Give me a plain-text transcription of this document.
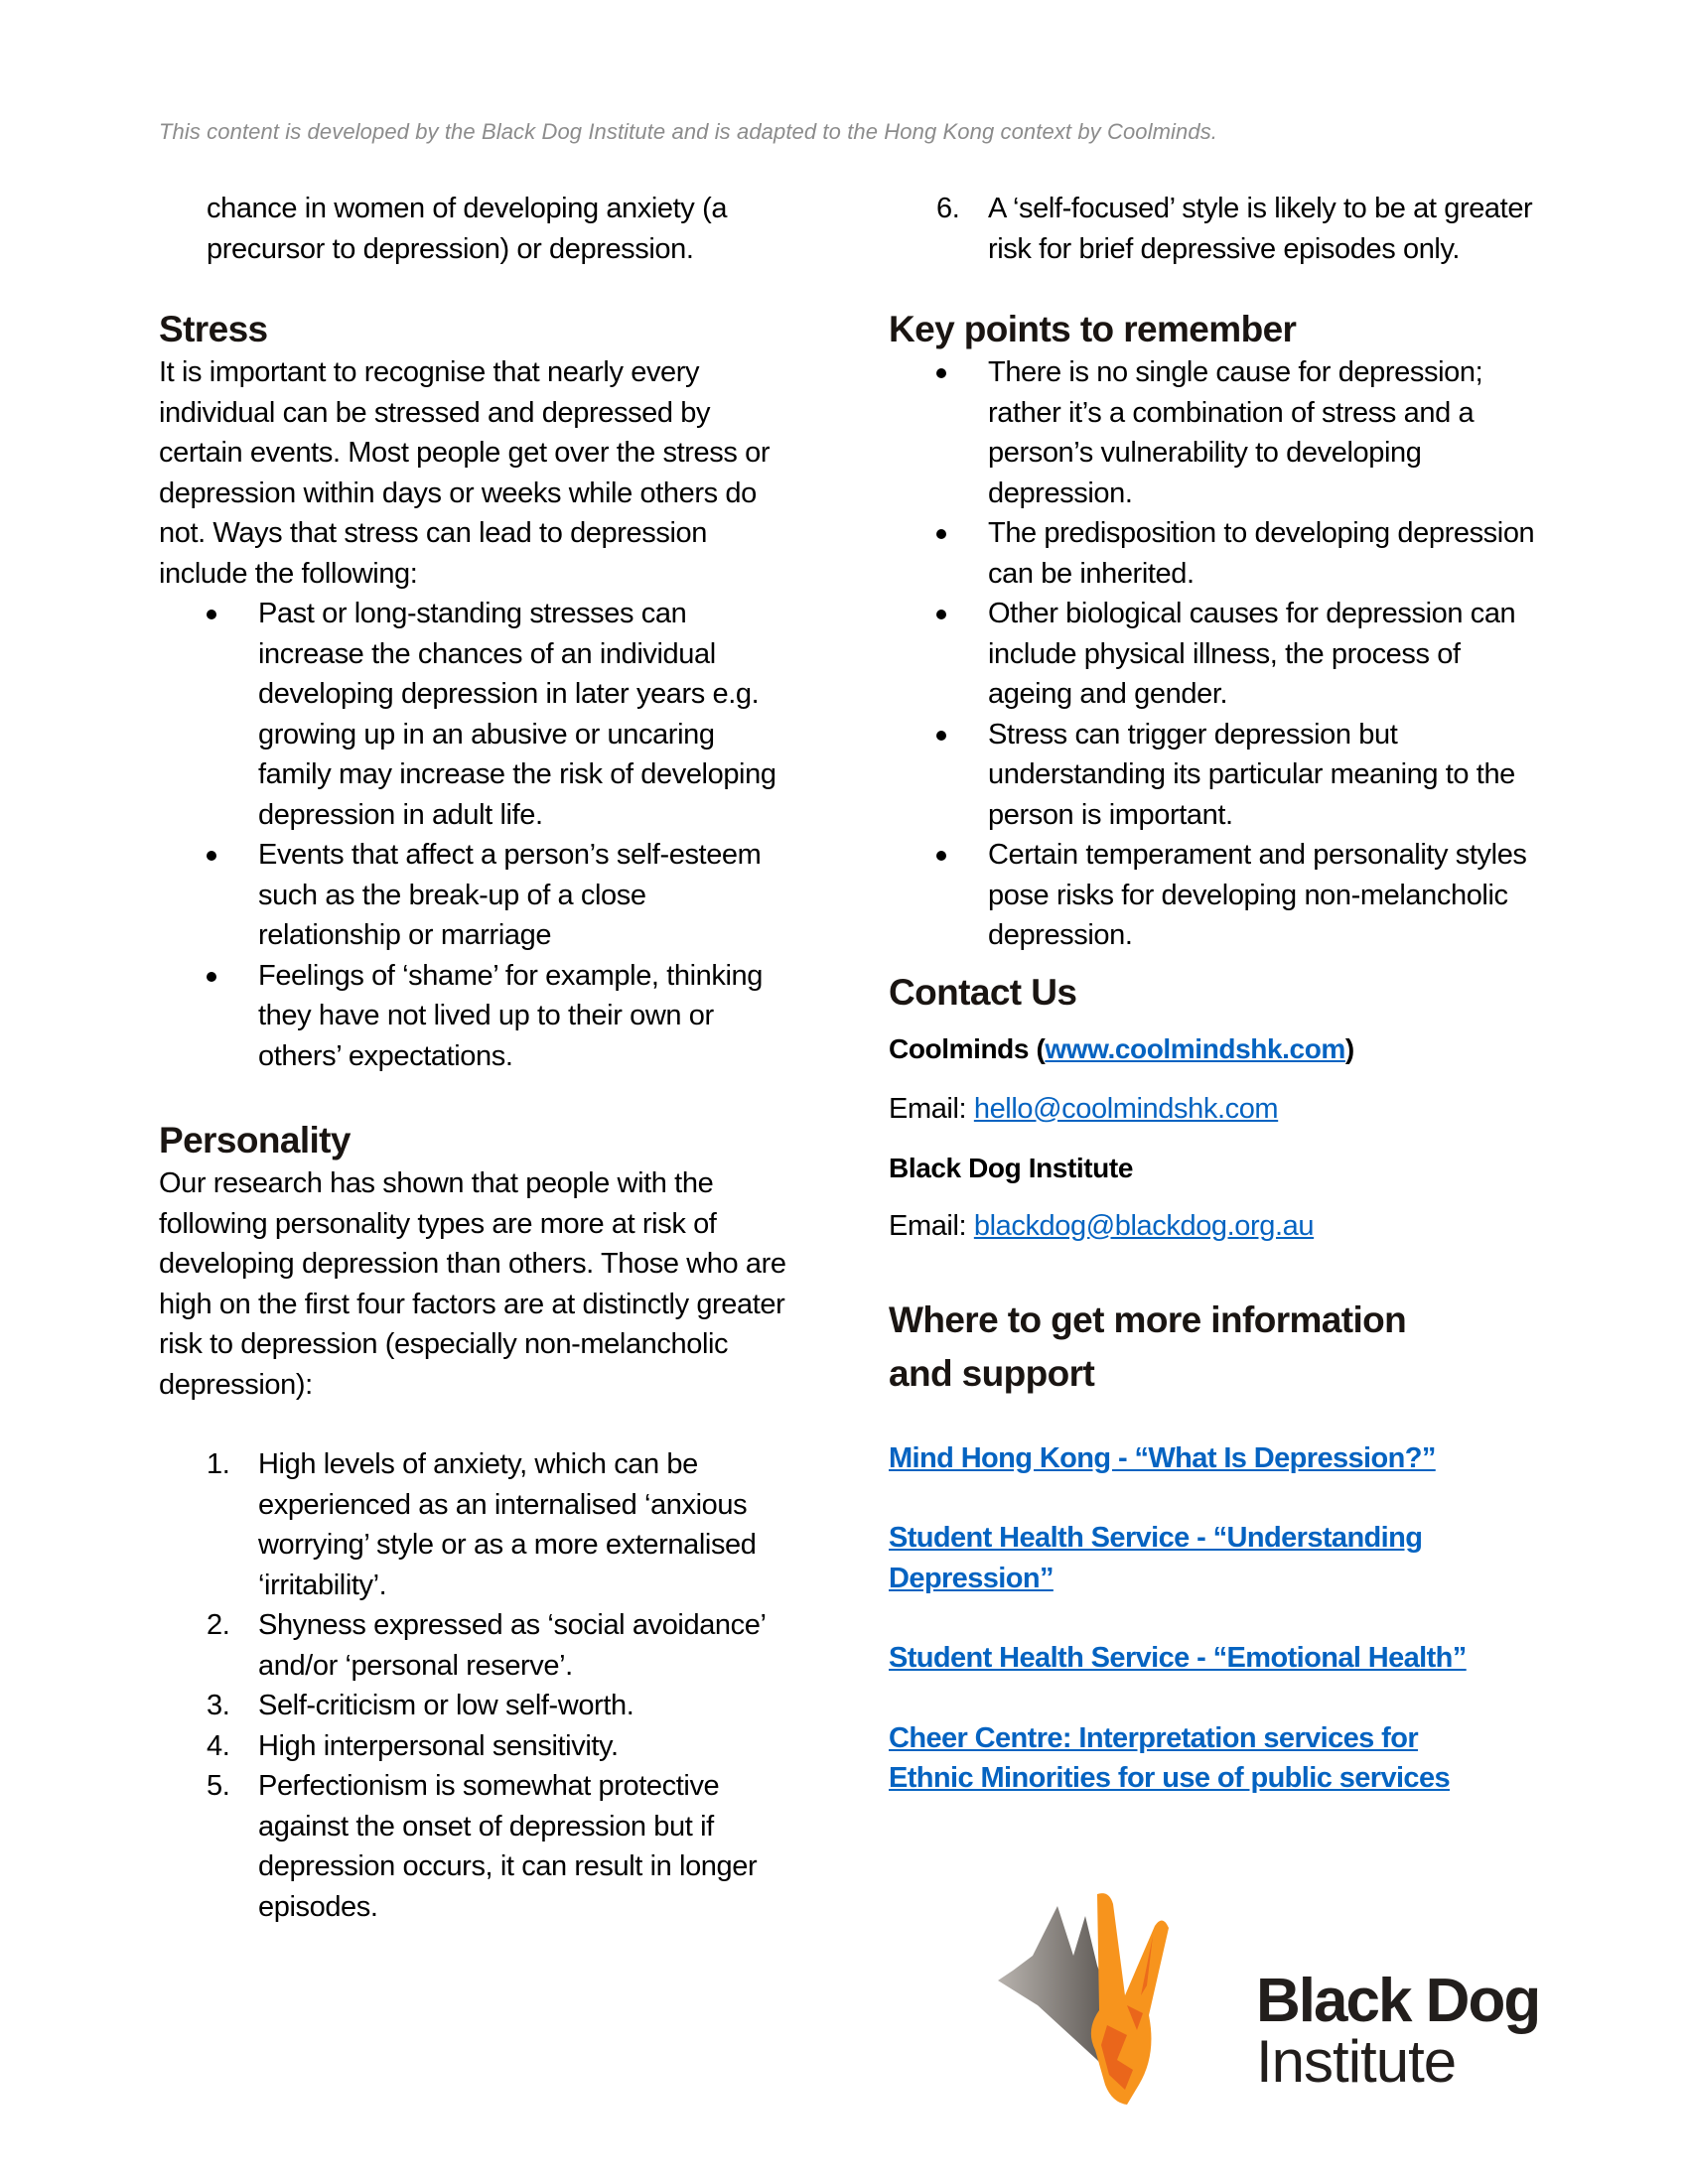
This content is developed by the Black Dog Institute and is adapted to the Hong Kong context by Coolminds.

chance in women of developing anxiety (a

precursor to depression) or depression.

Stress

It is important to recognise that nearly every individual can be stressed and depressed by certain events. Most people get over the stress or depression within days or weeks while others do not. Ways that stress can lead to depression include the following:

Past or long-standing stresses can increase the chances of an individual developing depression in later years e.g. growing up in an abusive or uncaring family may increase the risk of developing depression in adult life.
Events that affect a person’s self-esteem such as the break-up of a close relationship or marriage
Feelings of ‘shame’ for example, thinking they have not lived up to their own or others’ expectations.
Personality

Our research has shown that people with the following personality types are more at risk of developing depression than others. Those who are high on the first four factors are at distinctly greater risk to depression (especially non-melancholic depression):

1. High levels of anxiety, which can be experienced as an internalised ‘anxious worrying’ style or as a more externalised ‘irritability’.
2. Shyness expressed as ‘social avoidance’ and/or ‘personal reserve’.
3. Self-criticism or low self-worth.
4. High interpersonal sensitivity.
5. Perfectionism is somewhat protective against the onset of depression but if depression occurs, it can result in longer episodes.
6. A ‘self-focused’ style is likely to be at greater risk for brief depressive episodes only.
Key points to remember
There is no single cause for depression; rather it’s a combination of stress and a person’s vulnerability to developing depression.
The predisposition to developing depression can be inherited.
Other biological causes for depression can include physical illness, the process of ageing and gender.
Stress can trigger depression but understanding its particular meaning to the person is important.
Certain temperament and personality styles pose risks for developing non-melancholic depression.
Contact Us

Coolminds (www.coolmindshk.com)

Email: hello@coolmindshk.com

Black Dog Institute

Email: blackdog@blackdog.org.au

Where to get more information and support
Mind Hong Kong - “What Is Depression?”
Student Health Service - “Understanding Depression”
Student Health Service - “Emotional Health”
Cheer Centre: Interpretation services for Ethnic Minorities for use of public services
Black Dog
Institute
